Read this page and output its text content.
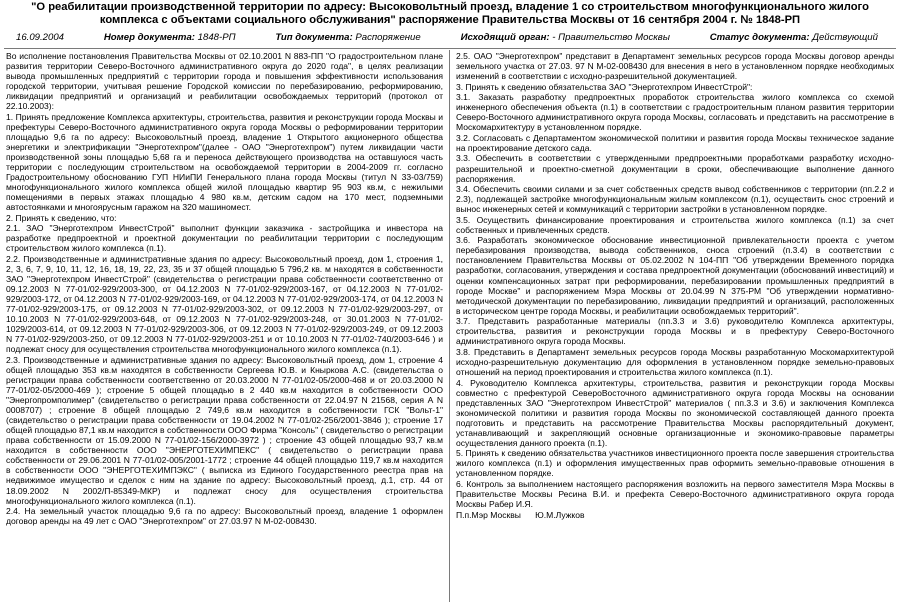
"О реабилитации производственной территории по адресу: Высоковольтный проезд, владение 1 со строительством многофункционального жилого комплекса с объектами социального обслуживания" распоряжение Правительства Москвы от 16 сентября 2004 г. № 1848-РП
16.09.2004	Номер документа: 1848-РП	Тип документа: Распоряжение	Исходящий орган: - Правительство Москвы	Статус документа: Действующий

Во исполнение постановления Правительства Москвы от 02.10.2001 N 883-ПП "О градостроительном плане развития территории Северо-Восточного административного округа до 2020 года", в целях реализации вывода промышленных предприятий с территории города и повышения эффективности использования городской территории, учитывая решение Городской комиссии по перебазированию, реформированию, ликвидации предприятий и организаций и реабилитации освобождаемых территорий (протокол от 22.10.2003):

1. Принять предложение Комплекса архитектуры, строительства, развития и реконструкции города Москвы и префектуры Северо-Восточного административного округа города Москвы о реформировании территории площадью 9,6 га по адресу: Высоковольтный проезд, владение 1 Открытого акционерного общества энергетики и электрификации "Энерготехпром"(далее - ОАО "Энерготехпром") путем ликвидации части производственной зоны площадью 5,68 га и переноса действующего производства на оставшуюся часть территории с последующим строительством на освобождаемой территории в 2004-2009 гг. согласно Градостроительному обоснованию ГУП НИиПИ Генерального плана города Москвы (титул N 33-03/759) многофункционального жилого комплекса общей жилой площадью квартир 95 903 кв.м, с нежилыми помещениями в первых этажах площадью 4 980 кв.м, детским садом на 170 мест, подземными автостоянками и многоярусным гаражом на 320 машиномест.

2. Принять к сведению, что:

2.1. ЗАО "Энерготехпром ИнвестСтрой" выполнит функции заказчика - застройщика и инвестора на разработке предпроектной и проектной документации по реабилитации территории с последующим строительством жилого комплекса (п.1).

2.2. Производственные и административные здания по адресу: Высоковольтный проезд, дом 1, строения 1, 2, 3, 6, 7, 9, 10, 11, 12, 16, 18, 19, 22, 23, 35 и 37 общей площадью 5 796,2 кв. м находятся в собственности ЗАО "Энерготехпром ИнвестСтрой" (свидетельства о регистрации права собственности соответственно от 09.12.2003 N 77-01/02-929/2003-300, от 04.12.2003 N 77-01/02-929/2003-167, от 04.12.2003 N 77-01/02-929/2003-172, от 04.12.2003 N 77-01/02-929/2003-169, от 04.12.2003 N 77-01/02-929/2003-174, от 04.12.2003 N 77-01/02-929/2003-175, от 09.12.2003 N 77-01/02-929/2003-302, от 09.12.2003 N 77-01/02-929/2003-297, от 10.10.2003 N 77-01/02-929/2003-648, от 09.12.2003 N 77-01/02-929/2003-248, от 30.01.2003 N 77-01/02-1029/2003-614, от 09.12.2003 N 77-01/02-929/2003-306, от 09.12.2003 N 77-01/02-929/2003-249, от 09.12.2003 N 77-01/02-929/2003-250, от 09.12.2003 N 77-01/02-929/2003-251 и от 10.10.2003 N 77-01/02-740/2003-646 ) и подлежат сносу для осуществления строительства многофункционального жилого комплекса (п.1).

2.3. Производственные и административные здания по адресу: Высоковольтный проезд, дом 1, строение 4 общей площадью 353 кв.м находятся в собственности Сергеева Ю.В. и Кныркова А.С. (свидетельства о регистрации права собственности соответственно от 20.03.2000 N 77-01/02-05/2000-468 и от 20.03.2000 N 77-01/02-05/2000-469 ); строение 5 общей площадью в 2 440 кв.м находится в собственности ООО "Энергопромполимер" (свидетельство о регистрации права собственности от 22.04.97 N 21568, серия А N 0008707) ; строение 8 общей площадью 2 749,6 кв.м находится в собственности ГСК "Вольт-1" (свидетельство о регистрации права собственности от 19.04.2002 N 77-01/02-256/2001-3846 ); строение 17 общей площадью 87,1 кв.м находится в собственности ООО Фирма "Консоль" ( свидетельство о регистрации права собственности от 15.09.2000 N 77-01/02-156/2000-3972 ) ; строение 43 общей площадью 93,7 кв.м находится в собственности ООО "ЭНЕРГОТЕХИМПЕКС" ( свидетельство о регистрации права собственности от 29.06.2001 N 77-01/02-005/2001-1772 ; строение 44 общей площадью 119,7 кв.м находится в собственности ООО "ЭНЕРГОТЕХИМПЭКС" ( выписка из Единого Государственного реестра прав на недвижимое имущество и сделок с ним на здание по адресу: Высоковольтный проезд, д.1, стр. 44 от 18.09.2002 N 2002/П-85349-МКР) и подлежат сносу для осуществления строительства многофункционального жилого комплекса (п.1).

2.4. На земельный участок площадью 9,6 га по адресу: Высоковольтный проезд, владение 1 оформлен договор аренды на 49 лет с ОАО "Энерготехпром" от 27.03.97 N М-02-008430.

2.5. ОАО "Энерготехпром" представит в Департамент земельных ресурсов города Москвы договор аренды земельного участка от 27.03. 97 N М-02-008430 для внесения в него в установленном порядке необходимых изменений в соответствии с исходно-разрешительной документацией.

3. Принять к сведению обязательства ЗАО "Энерготехпром ИнвестСтрой":

3.1. Заказать разработку предпроектных проработок строительства жилого комплекса со схемой инженерного обеспечения объекта (п.1) в соответствии с градостроительным планом развития территории Северо-Восточного административного округа города Москвы, согласовать и представить на рассмотрение в Москомархитектуру в установленном порядке.

3.2. Согласовать с Департаментом экономической политики и развития города Москвы техническое задание на проектирование детского сада.

3.3. Обеспечить в соответствии с утвержденными предпроектными проработками разработку исходно-разрешительной и проектно-сметной документации в сроки, обеспечивающие выполнение данного распоряжения.

3.4. Обеспечить своими силами и за счет собственных средств вывод собственников с территории (пп.2.2 и 2.3), подлежащей застройке многофункциональным жилым комплексом (п.1), осуществить снос строений и вынос инженерных сетей и коммуникаций с территории застройки в установленном порядке.

3.5. Осуществить финансирование проектирования и строительства жилого комплекса (п.1) за счет собственных и привлеченных средств.

3.6. Разработать экономическое обоснование инвестиционной привлекательности проекта с учетом перебазирования производства, вывода собственников, сноса строений (п.3.4) в соответствии с постановлением Правительства Москвы от 05.02.2002 N 104-ПП "Об утверждении Временного порядка разработки, согласования, утверждения и состава предпроектной документации (обоснований инвестиций) и оценки компенсационных затрат при реформировании, перебазировании промышленных предприятий в городе Москве" и распоряжением Мэра Москвы от 20.04.99 N 375-РМ "Об утверждении нормативно-методической документации по перебазированию, ликвидации предприятий и организаций, расположенных в историческом центре города Москвы, и реабилитации освобождаемых территорий".

3.7. Представить разработанные материалы (пп.3.3 и 3.6) руководителю Комплекса архитектуры, строительства, развития и реконструкции города Москвы и в префектуру Северо-Восточного административного округа города Москвы.

3.8. Представить в Департамент земельных ресурсов города Москвы разработанную Москомархитектурой исходно-разрешительную документацию для оформления в установленном порядке земельно-правовых отношений на период проектирования и строительства жилого комплекса (п.1).

4. Руководителю Комплекса архитектуры, строительства, развития и реконструкции города Москвы совместно с префектурой СевероВосточного административного округа города Москвы на основании представленных ЗАО "Энерготехпром ИнвестСтрой" материалов ( пп.3.3 и 3.6) и заключения Комплекса экономической политики и развития города Москвы по экономической составляющей данного проекта подготовить и представить на рассмотрение Правительства Москвы распорядительный документ, устанавливающий и закрепляющий основные организационные и экономико-правовые параметры осуществления данного проекта (п.1).

5. Принять к сведению обязательства участников инвестиционного проекта после завершения строительства жилого комплекса (п.1) и оформления имущественных прав оформить земельно-правовые отношения в установленном порядке.

6. Контроль за выполнением настоящего распоряжения возложить на первого заместителя Мэра Москвы в Правительстве Москвы Ресина В.И. и префекта Северо-Восточного административного округа города Москвы Рабер И.Я.

П.п.Мэр Москвы      Ю.М.Лужков
